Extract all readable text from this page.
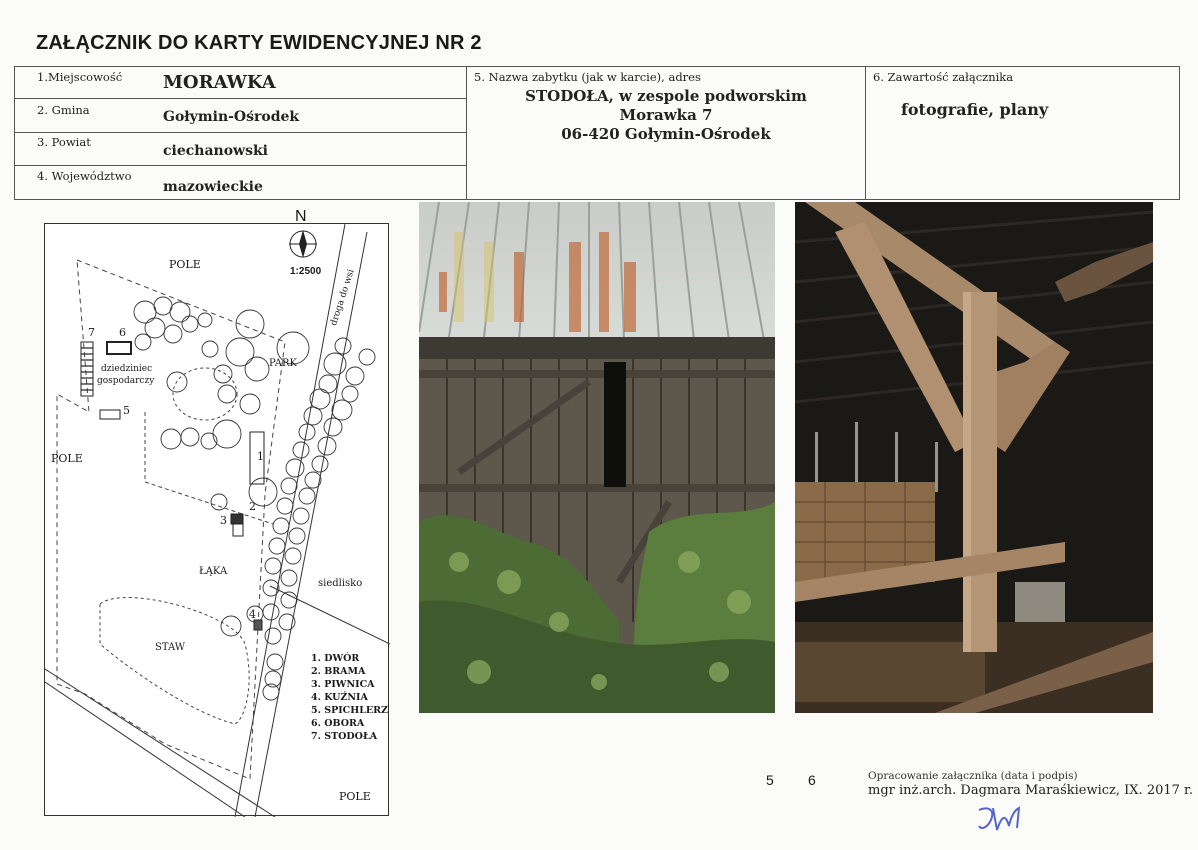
ZAŁĄCZNIK DO KARTY EWIDENCYJNEJ NR 2
1.Miejscowość MORAWKA
2. Gmina	Gołymin-Ośrodek
3. Powiat
ciechanowski
4. Województwo
mazowieckie
5. Nazwa zabytku (jak w karcie), adres
STODOŁA, w zespole podworskim
Morawka 7
06-420 Gołymin-Ośrodek
6. Zawartość załącznika
fotografie, plany
N
1:2500
POLE
POLE
POLE
PARK
ŁĄKA
STAW
siedlisko
droga do wsi
dziedziniec
gospodarczy
7 6
5
1
2
3
4
1. DWÓR
2. BRAMA
3. PIWNICA
4. KUŹNIA
5. SPICHLERZ
6. OBORA
7. STODOŁA
5 6	Opracowanie załącznika (data i podpis)
mgr inż.arch. Dagmara Maraśkiewicz, IX. 2017 r.
